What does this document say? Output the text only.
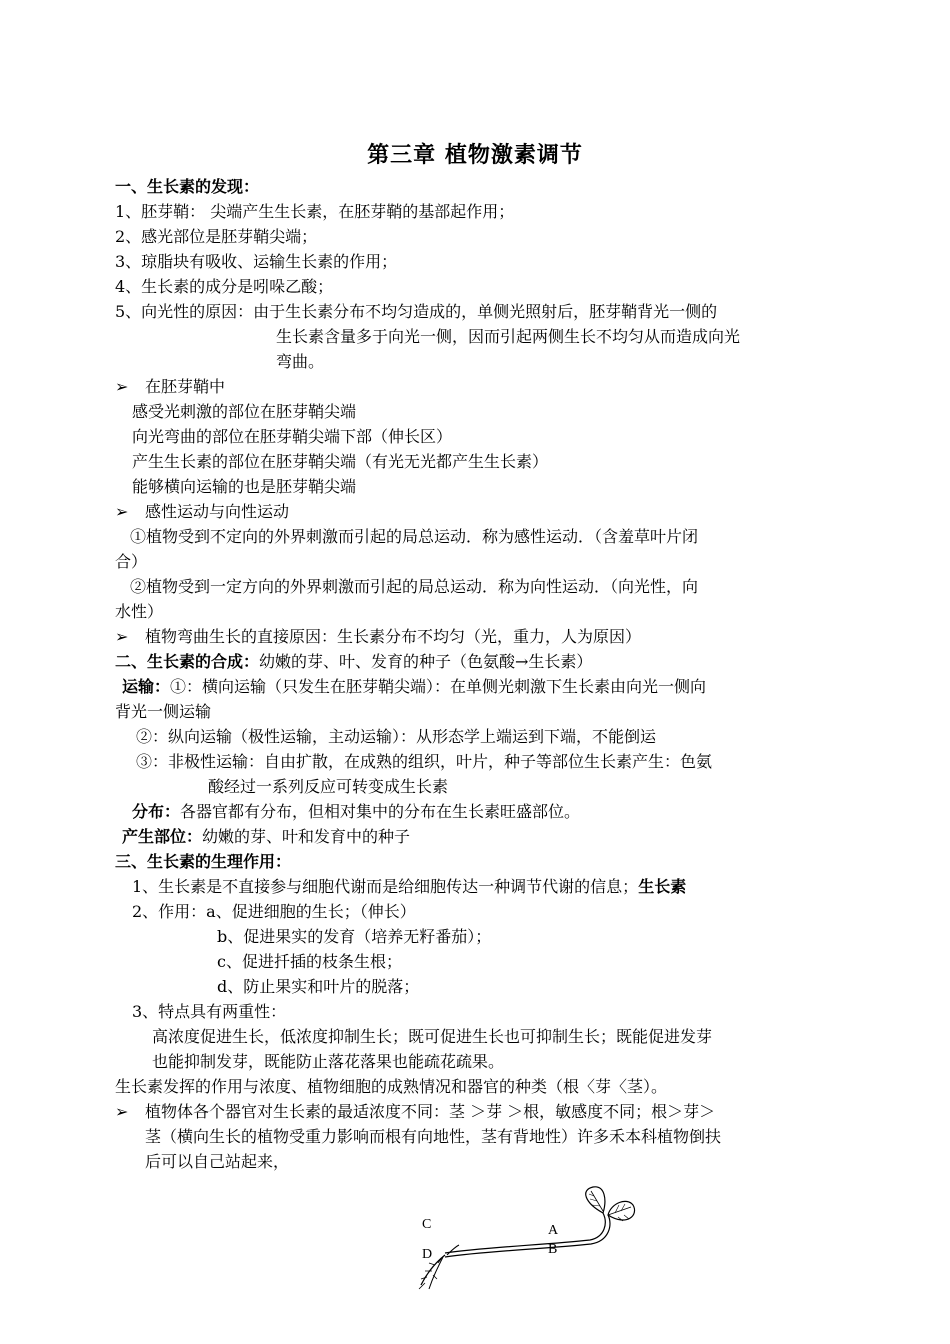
第三章 植物激素调节
一、生长素的发现：
1、胚芽鞘： 尖端产生生长素，在胚芽鞘的基部起作用；
2、感光部位是胚芽鞘尖端；
3、琼脂块有吸收、运输生长素的作用；
4、生长素的成分是吲哚乙酸；
5、向光性的原因：由于生长素分布不均匀造成的，单侧光照射后，胚芽鞘背光一侧的
生长素含量多于向光一侧，因而引起两侧生长不均匀从而造成向光
弯曲。
➢ 在胚芽鞘中
感受光刺激的部位在胚芽鞘尖端
向光弯曲的部位在胚芽鞘尖端下部（伸长区）
产生生长素的部位在胚芽鞘尖端（有光无光都产生生长素）
能够横向运输的也是胚芽鞘尖端
➢ 感性运动与向性运动
①植物受到不定向的外界刺激而引起的局总运动．称为感性运动．（含羞草叶片闭
合）
②植物受到一定方向的外界刺激而引起的局总运动．称为向性运动．（向光性，向
水性）
➢ 植物弯曲生长的直接原因：生长素分布不均匀（光，重力，人为原因）
二、生长素的合成：幼嫩的芽、叶、发育的种子（色氨酸→生长素）
运输：①：横向运输（只发生在胚芽鞘尖端）：在单侧光刺激下生长素由向光一侧向
背光一侧运输
②：纵向运输（极性运输，主动运输）：从形态学上端运到下端，不能倒运
③：非极性运输：自由扩散，在成熟的组织，叶片，种子等部位生长素产生：色氨
酸经过一系列反应可转变成生长素
分布：各器官都有分布，但相对集中的分布在生长素旺盛部位。
产生部位：幼嫩的芽、叶和发育中的种子
三、生长素的生理作用：
1、生长素是不直接参与细胞代谢而是给细胞传达一种调节代谢的信息；生长素
2、作用：a、促进细胞的生长；（伸长）
b、促进果实的发育（培养无籽番茄）；
c、促进扦插的枝条生根；
d、防止果实和叶片的脱落；
3、特点具有两重性：
高浓度促进生长，低浓度抑制生长；既可促进生长也可抑制生长；既能促进发芽
也能抑制发芽，既能防止落花落果也能疏花疏果。
生长素发挥的作用与浓度、植物细胞的成熟情况和器官的种类（根〈芽〈茎）。
➢ 植物体各个器官对生长素的最适浓度不同：茎 ＞芽 ＞根，敏感度不同；根＞芽＞
茎（横向生长的植物受重力影响而根有向地性，茎有背地性）许多禾本科植物倒扶
后可以自己站起来，
C
D
A
B
